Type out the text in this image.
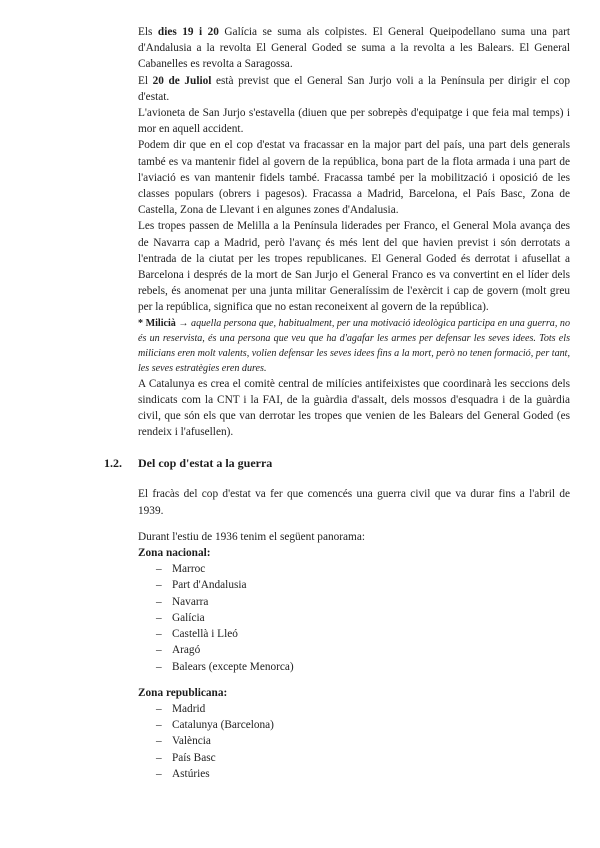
Els dies 19 i 20 Galícia se suma als colpistes. El General Queipodellano suma una part d'Andalusia a la revolta El General Goded se suma a la revolta a les Balears. El General Cabanelles es revolta a Saragossa.

El 20 de Juliol està previst que el General San Jurjo voli a la Península per dirigir el cop d'estat.

L'avioneta de San Jurjo s'estavella (diuen que per sobrepès d'equipatge i que feia mal temps) i mor en aquell accident.

Podem dir que en el cop d'estat va fracassar en la major part del país, una part dels generals també es va mantenir fidel al govern de la república, bona part de la flota armada i una part de l'aviació es van mantenir fidels també. Fracassa també per la mobilització i oposició de les classes populars (obrers i pagesos). Fracassa a Madrid, Barcelona, el País Basc, Zona de Castella, Zona de Llevant i en algunes zones d'Andalusia.

Les tropes passen de Melilla a la Península liderades per Franco, el General Mola avança des de Navarra cap a Madrid, però l'avanç és més lent del que havien previst i són derrotats a l'entrada de la ciutat per les tropes republicanes. El General Goded és derrotat i afusellat a Barcelona i després de la mort de San Jurjo el General Franco es va convertint en el líder dels rebels, és anomenat per una junta militar Generalíssim de l'exèrcit i cap de govern (molt greu per la república, significa que no estan reconeixent al govern de la república).

* Milicià → aquella persona que, habitualment, per una motivació ideològica participa en una guerra, no és un reservista, és una persona que veu que ha d'agafar les armes per defensar les seves idees. Tots els milicians eren molt valents, volien defensar les seves idees fins a la mort, però no tenen formació, per tant, les seves estratègies eren dures.

A Catalunya es crea el comitè central de milícies antifeixistes que coordinarà les seccions dels sindicats com la CNT i la FAI, de la guàrdia d'assalt, dels mossos d'esquadra i de la guàrdia civil, que són els que van derrotar les tropes que venien de les Balears del General Goded (es rendeix i l'afusellen).

1.2. Del cop d'estat a la guerra

El fracàs del cop d'estat va fer que comencés una guerra civil que va durar fins a l'abril de 1939.

Durant l'estiu de 1936 tenim el següent panorama:

Zona nacional:
– Marroc
– Part d'Andalusia
– Navarra
– Galícia
– Castellà i Lleó
– Aragó
– Balears (excepte Menorca)
Zona republicana:
– Madrid
– Catalunya (Barcelona)
– València
– País Basc
– Astúries
